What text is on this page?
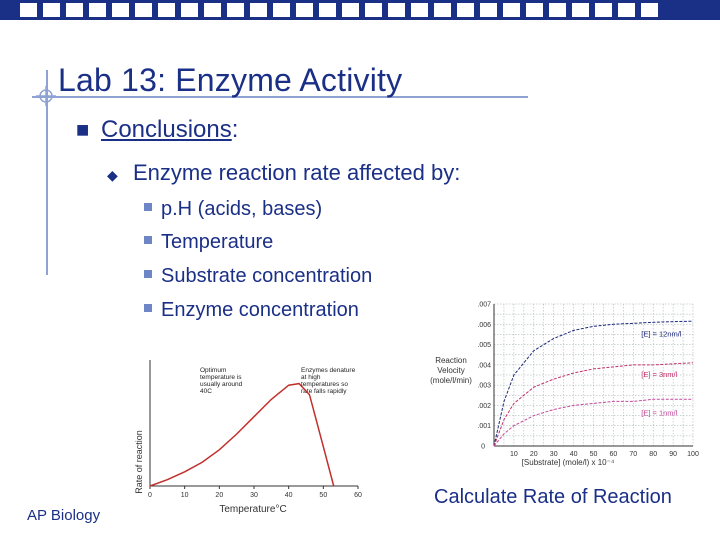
Lab 13: Enzyme Activity
■ Conclusions:
◆ Enzyme reaction rate affected by:
p.H (acids, bases)
Temperature
Substrate concentration
Enzyme concentration
Rate of reaction
Temperature°C
Optimum temperature is usually around 40C
Enzymes denature at high temperatures so rate falls rapidly
0	10	20	30	40	50	60
Reaction
Velocity
(mole/l/min)
[Substrate] (mole/l) x 10⁻⁴
0
.001
.002
.003
.004
.005
.006
.007
10 20 30 40 50 60 70 80 90 100
[E] = 12nm/l
[E] = 3nm/l
[E] = 1nm/l
AP Biology
Calculate Rate of Reaction
